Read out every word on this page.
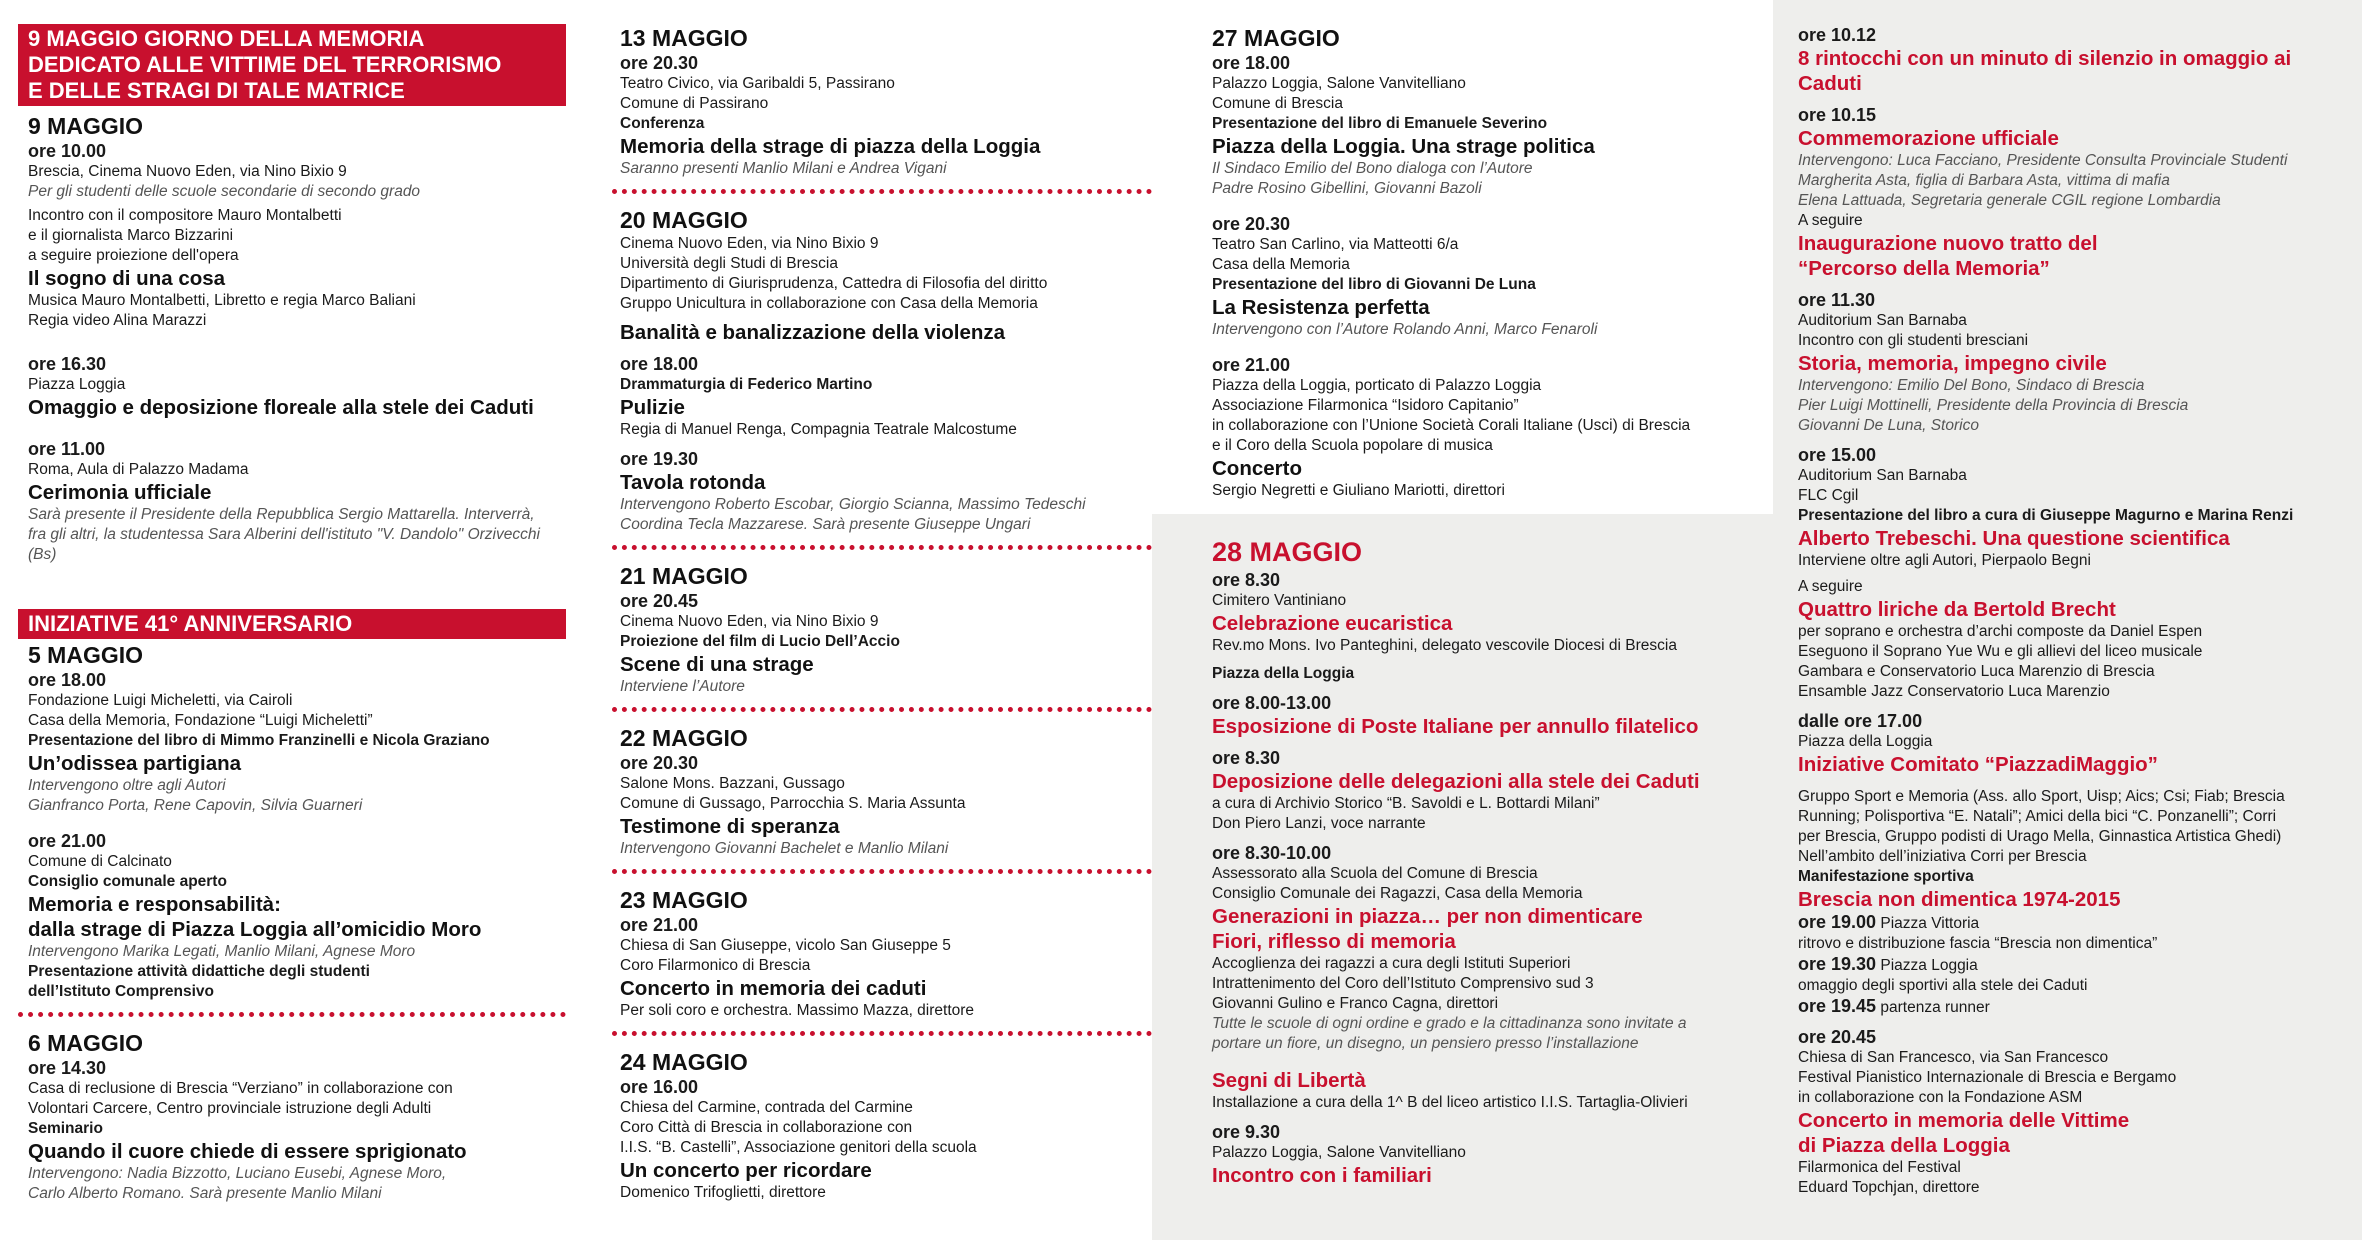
9 MAGGIO GIORNO DELLA MEMORIA
DEDICATO ALLE VITTIME DEL TERRORISMO
E DELLE STRAGI DI TALE MATRICE
9 MAGGIO
ore 10.00
Brescia, Cinema Nuovo Eden, via Nino Bixio 9
Per gli studenti delle scuole secondarie di secondo grado
Incontro con il compositore Mauro Montalbetti
e il giornalista Marco Bizzarini
a seguire proiezione dell'opera
Il sogno di una cosa
Musica Mauro Montalbetti, Libretto e regia Marco Baliani
Regia video Alina Marazzi
ore 16.30
Piazza Loggia
Omaggio e deposizione floreale alla stele dei Caduti
ore 11.00
Roma, Aula di Palazzo Madama
Cerimonia ufficiale
Sarà presente il Presidente della Repubblica Sergio Mattarella. Interverrà,
fra gli altri, la studentessa Sara Alberini dell'istituto "V. Dandolo" Orzivecchi (Bs)
INIZIATIVE 41° ANNIVERSARIO
5 MAGGIO
ore 18.00
Fondazione Luigi Micheletti, via Cairoli
Casa della Memoria, Fondazione “Luigi Micheletti”
Presentazione del libro di Mimmo Franzinelli e Nicola Graziano
Un’odissea partigiana
Intervengono oltre agli Autori
Gianfranco Porta, Rene Capovin, Silvia Guarneri
ore 21.00
Comune di Calcinato
Consiglio comunale aperto
Memoria e responsabilità:
dalla strage di Piazza Loggia all’omicidio Moro
Intervengono Marika Legati, Manlio Milani, Agnese Moro
Presentazione attività didattiche degli studenti
dell’Istituto Comprensivo
6 MAGGIO
ore 14.30
Casa di reclusione di Brescia “Verziano” in collaborazione con
Volontari Carcere, Centro provinciale istruzione degli Adulti
Seminario
Quando il cuore chiede di essere sprigionato
Intervengono: Nadia Bizzotto, Luciano Eusebi, Agnese Moro,
Carlo Alberto Romano. Sarà presente Manlio Milani
13 MAGGIO
ore 20.30
Teatro Civico, via Garibaldi 5, Passirano
Comune di Passirano
Conferenza
Memoria della strage di piazza della Loggia
Saranno presenti Manlio Milani e Andrea Vigani
20 MAGGIO
Cinema Nuovo Eden, via Nino Bixio 9
Università degli Studi di Brescia
Dipartimento di Giurisprudenza, Cattedra di Filosofia del diritto
Gruppo Unicultura in collaborazione con Casa della Memoria
Banalità e banalizzazione della violenza
ore 18.00
Drammaturgia di Federico Martino
Pulizie
Regia di Manuel Renga, Compagnia Teatrale Malcostume
ore 19.30
Tavola rotonda
Intervengono Roberto Escobar, Giorgio Scianna, Massimo Tedeschi
Coordina Tecla Mazzarese. Sarà presente Giuseppe Ungari
21 MAGGIO
ore 20.45
Cinema Nuovo Eden, via Nino Bixio 9
Proiezione del film di Lucio Dell’Accio
Scene di una strage
Interviene l’Autore
22 MAGGIO
ore 20.30
Salone Mons. Bazzani, Gussago
Comune di Gussago, Parrocchia S. Maria Assunta
Testimone di speranza
Intervengono Giovanni Bachelet e Manlio Milani
23 MAGGIO
ore 21.00
Chiesa di San Giuseppe, vicolo San Giuseppe 5
Coro Filarmonico di Brescia
Concerto in memoria dei caduti
Per soli coro e orchestra. Massimo Mazza, direttore
24 MAGGIO
ore 16.00
Chiesa del Carmine, contrada del Carmine
Coro Città di Brescia in collaborazione con
I.I.S. “B. Castelli”, Associazione genitori della scuola
Un concerto per ricordare
Domenico Trifoglietti, direttore
27 MAGGIO
ore 18.00
Palazzo Loggia, Salone Vanvitelliano
Comune di Brescia
Presentazione del libro di Emanuele Severino
Piazza della Loggia. Una strage politica
Il Sindaco Emilio del Bono dialoga con l’Autore
Padre Rosino Gibellini, Giovanni Bazoli
ore 20.30
Teatro San Carlino, via Matteotti 6/a
Casa della Memoria
Presentazione del libro di Giovanni De Luna
La Resistenza perfetta
Intervengono con l’Autore Rolando Anni, Marco Fenaroli
ore 21.00
Piazza della Loggia, porticato di Palazzo Loggia
Associazione Filarmonica “Isidoro Capitanio”
in collaborazione con l’Unione Società Corali Italiane (Usci) di Brescia
e il Coro della Scuola popolare di musica
Concerto
Sergio Negretti e Giuliano Mariotti, direttori
28 MAGGIO
ore 8.30
Cimitero Vantiniano
Celebrazione eucaristica
Rev.mo Mons. Ivo Panteghini, delegato vescovile Diocesi di Brescia
Piazza della Loggia
ore 8.00-13.00
Esposizione di Poste Italiane per annullo filatelico
ore 8.30
Deposizione delle delegazioni alla stele dei Caduti
a cura di Archivio Storico “B. Savoldi e L. Bottardi Milani”
Don Piero Lanzi, voce narrante
ore 8.30-10.00
Assessorato alla Scuola del Comune di Brescia
Consiglio Comunale dei Ragazzi, Casa della Memoria
Generazioni in piazza… per non dimenticare
Fiori, riflesso di memoria
Accoglienza dei ragazzi a cura degli Istituti Superiori
Intrattenimento del Coro dell’Istituto Comprensivo sud 3
Giovanni Gulino e Franco Cagna, direttori
Tutte le scuole di ogni ordine e grado e la cittadinanza sono invitate a
portare un fiore, un disegno, un pensiero presso l’installazione
Segni di Libertà
Installazione a cura della 1^ B del liceo artistico I.I.S. Tartaglia-Olivieri
ore 9.30
Palazzo Loggia, Salone Vanvitelliano
Incontro con i familiari
ore 10.12
8 rintocchi con un minuto di silenzio in omaggio ai Caduti
ore 10.15
Commemorazione ufficiale
Intervengono: Luca Facciano, Presidente Consulta Provinciale Studenti
Margherita Asta, figlia di Barbara Asta, vittima di mafia
Elena Lattuada, Segretaria generale CGIL regione Lombardia
A seguire
Inaugurazione nuovo tratto del
“Percorso della Memoria”
ore 11.30
Auditorium San Barnaba
Incontro con gli studenti bresciani
Storia, memoria, impegno civile
Intervengono: Emilio Del Bono, Sindaco di Brescia
Pier Luigi Mottinelli, Presidente della Provincia di Brescia
Giovanni De Luna, Storico
ore 15.00
Auditorium San Barnaba
FLC Cgil
Presentazione del libro a cura di Giuseppe Magurno e Marina Renzi
Alberto Trebeschi. Una questione scientifica
Interviene oltre agli Autori, Pierpaolo Begni
A seguire
Quattro liriche da Bertold Brecht
per soprano e orchestra d’archi composte da Daniel Espen
Eseguono il Soprano Yue Wu e gli allievi del liceo musicale
Gambara e Conservatorio Luca Marenzio di Brescia
Ensamble Jazz Conservatorio Luca Marenzio
dalle ore 17.00
Piazza della Loggia
Iniziative Comitato “PiazzadiMaggio”
Gruppo Sport e Memoria (Ass. allo Sport, Uisp; Aics; Csi; Fiab; Brescia
Running; Polisportiva “E. Natali”; Amici della bici “C. Ponzanelli”; Corri
per Brescia, Gruppo podisti di Urago Mella, Ginnastica Artistica Ghedi)
Nell’ambito dell’iniziativa Corri per Brescia
Manifestazione sportiva
Brescia non dimentica 1974-2015
ore 19.00 Piazza Vittoria
ritrovo e distribuzione fascia “Brescia non dimentica”
ore 19.30 Piazza Loggia
omaggio degli sportivi alla stele dei Caduti
ore 19.45 partenza runner
ore 20.45
Chiesa di San Francesco, via San Francesco
Festival Pianistico Internazionale di Brescia e Bergamo
in collaborazione con la Fondazione ASM
Concerto in memoria delle Vittime
di Piazza della Loggia
Filarmonica del Festival
Eduard Topchjan, direttore
